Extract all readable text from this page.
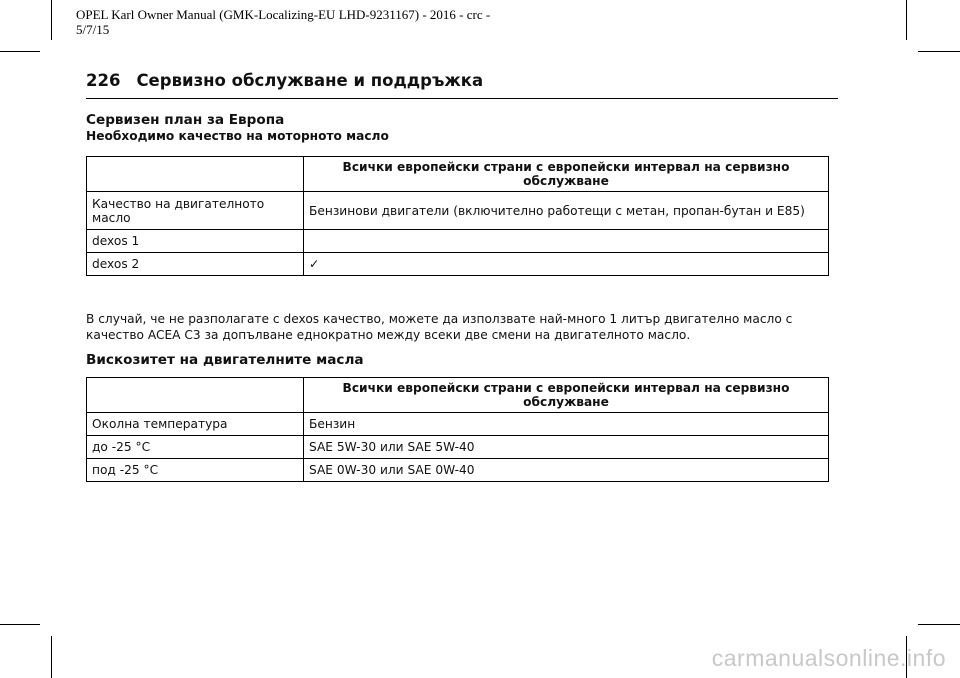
OPEL Karl Owner Manual (GMK-Localizing-EU LHD-9231167) - 2016 - crc -
5/7/15
226 Сервизно обслужване и поддръжка
Сервизен план за Европа
Необходимо качество на моторното масло
	Всички европейски страни с европейски интервал на сервизно обслужване
Качество на двигателното масло	Бензинови двигатели (включително работещи с метан, пропан-бутан и E85)
dexos 1	
dexos 2	✓
В случай, че не разполагате с dexos качество, можете да използвате най-много 1 литър двигателно масло с качество ACEA C3 за допълване еднократно между всеки две смени на двигателното масло.
Вискозитет на двигателните масла
	Всички европейски страни с европейски интервал на сервизно обслужване
Околна температура	Бензин
до -25 °C	SAE 5W-30 или SAE 5W-40
под -25 °C	SAE 0W-30 или SAE 0W-40
carmanualsonline.info
